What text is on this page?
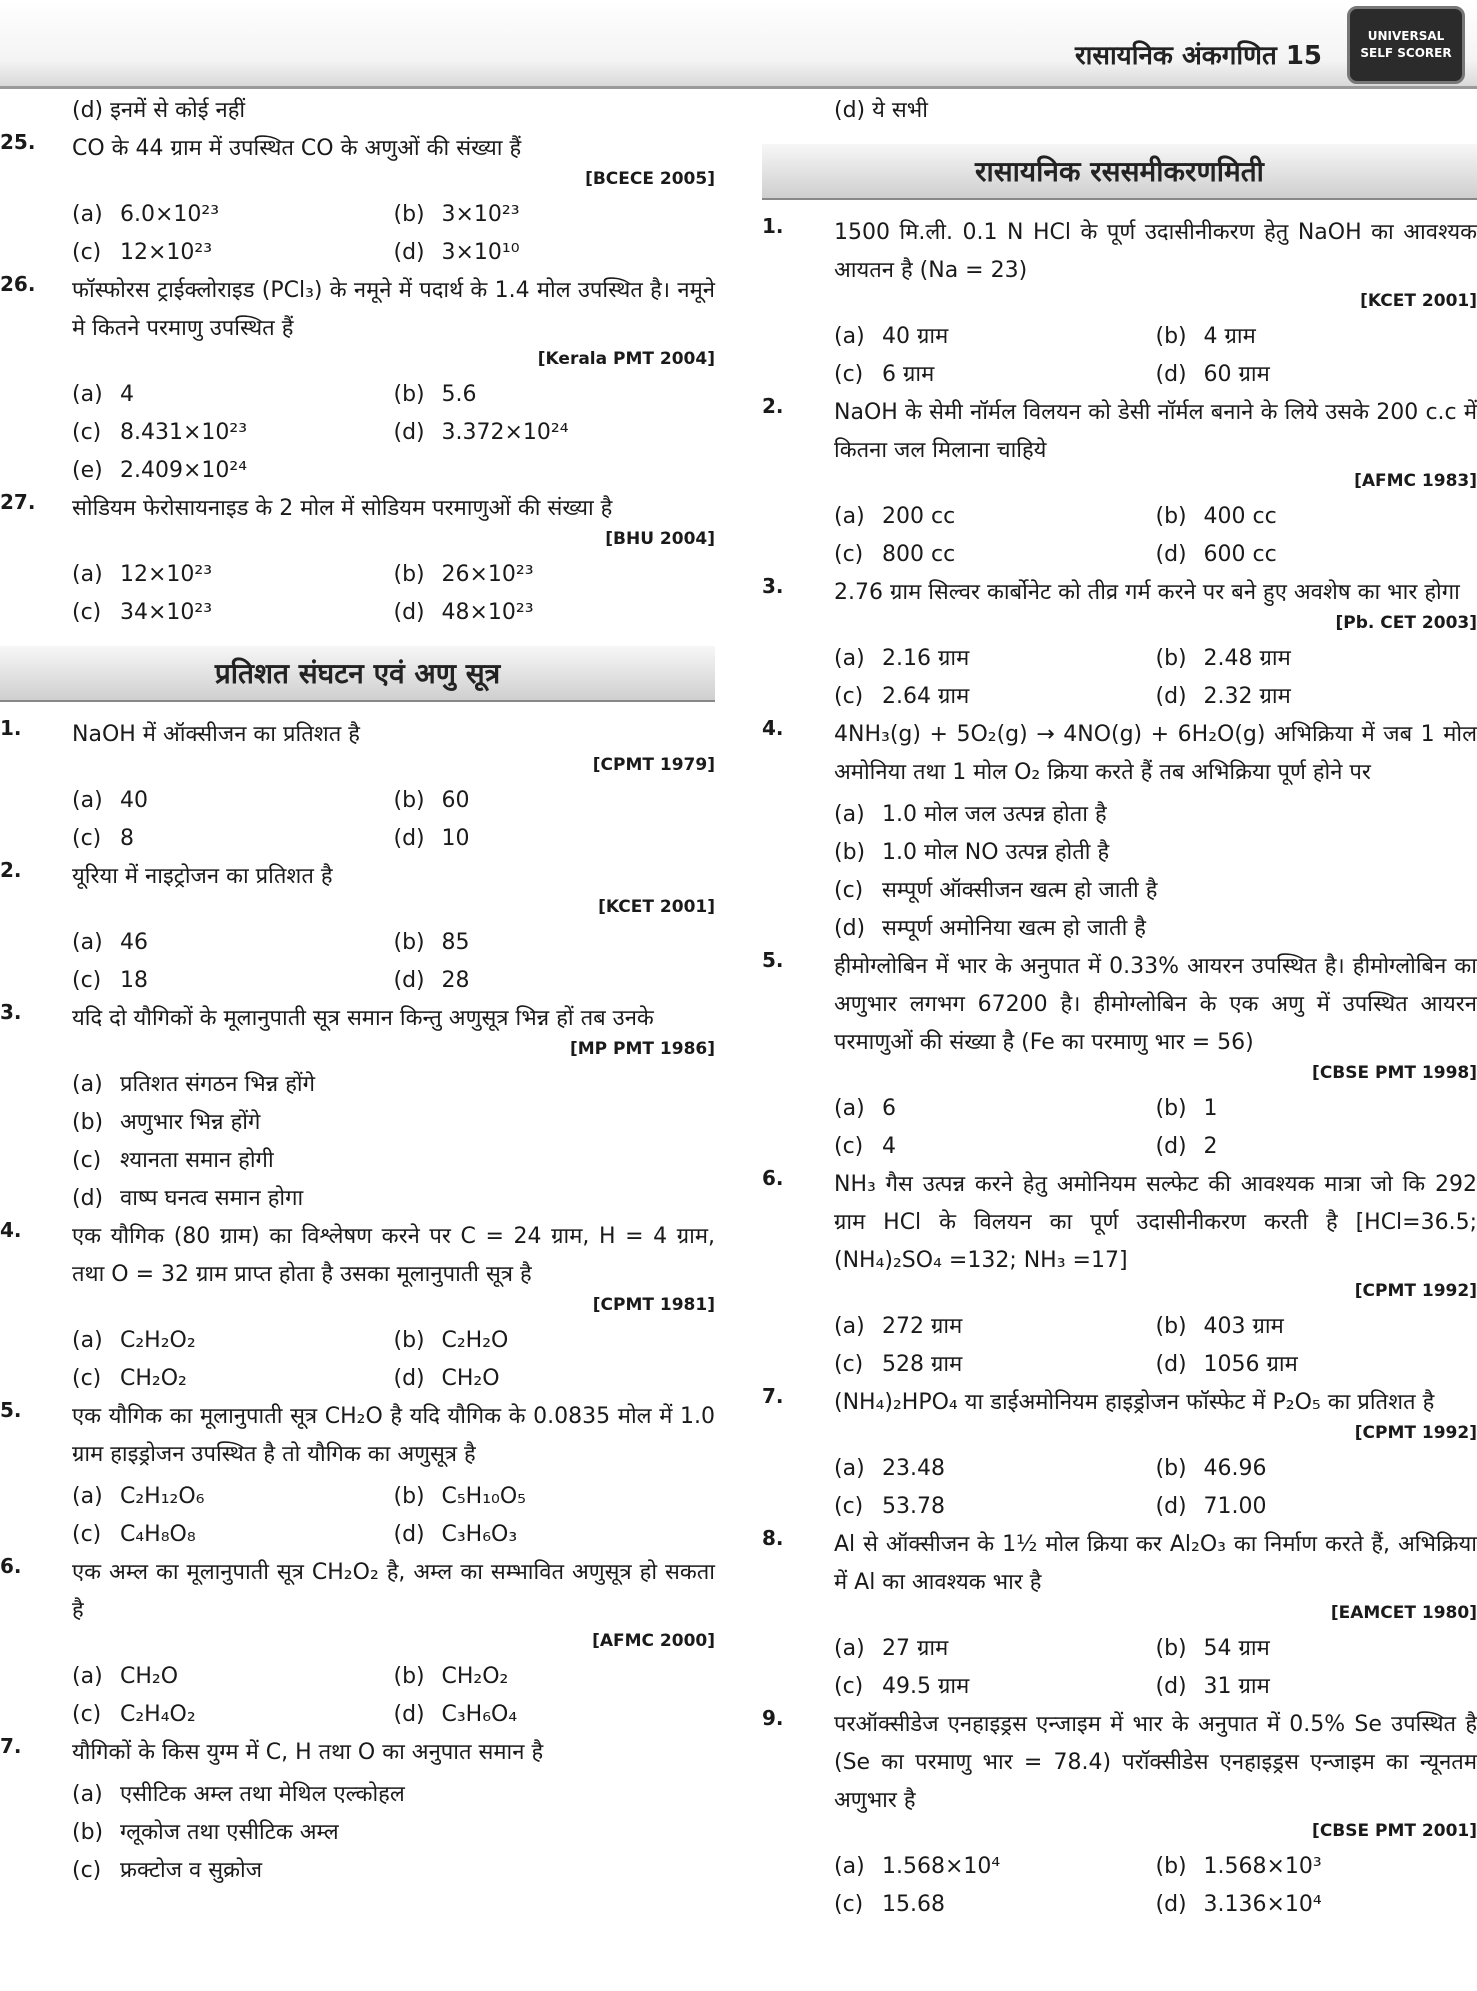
रासायनिक अंकगणित 15
UNIVERSAL
SELF SCORER
(d) इनमें से कोई नहीं
25.	CO के 44 ग्राम में उपस्थित CO के अणुओं की संख्या हैं
[BCECE 2005]
(a) 6.0×10²³	(b) 3×10²³
(c) 12×10²³	(d) 3×10¹⁰
26.	फॉस्फोरस ट्राईक्लोराइड (PCl₃) के नमूने में पदार्थ के 1.4 मोल उपस्थित है। नमूने मे कितने परमाणु उपस्थित हैं
[Kerala PMT 2004]
(a) 4	(b) 5.6
(c) 8.431×10²³	(d) 3.372×10²⁴
(e) 2.409×10²⁴
27.	सोडियम फेरोसायनाइड के 2 मोल में सोडियम परमाणुओं की संख्या है
[BHU 2004]
(a) 12×10²³	(b) 26×10²³
(c) 34×10²³	(d) 48×10²³
प्रतिशत संघटन एवं अणु सूत्र
1.	NaOH में ऑक्सीजन का प्रतिशत है
[CPMT 1979]
(a) 40	(b) 60
(c) 8	(d) 10
2.	यूरिया में नाइट्रोजन का प्रतिशत है
[KCET 2001]
(a) 46	(b) 85
(c) 18	(d) 28
3.	यदि दो यौगिकों के मूलानुपाती सूत्र समान किन्तु अणुसूत्र भिन्न हों तब उनके
[MP PMT 1986]
(a) प्रतिशत संगठन भिन्न होंगे
(b) अणुभार भिन्न होंगे
(c) श्यानता समान होगी
(d) वाष्प घनत्व समान होगा
4.	एक यौगिक (80 ग्राम) का विश्लेषण करने पर C = 24 ग्राम, H = 4 ग्राम, तथा O = 32 ग्राम प्राप्त होता है उसका मूलानुपाती सूत्र है
[CPMT 1981]
(a) C₂H₂O₂	(b) C₂H₂O
(c) CH₂O₂	(d) CH₂O
5.	एक यौगिक का मूलानुपाती सूत्र CH₂O है यदि यौगिक के 0.0835 मोल में 1.0 ग्राम हाइड्रोजन उपस्थित है तो यौगिक का अणुसूत्र है
(a) C₂H₁₂O₆	(b) C₅H₁₀O₅
(c) C₄H₈O₈	(d) C₃H₆O₃
6.	एक अम्ल का मूलानुपाती सूत्र CH₂O₂ है, अम्ल का सम्भावित अणुसूत्र हो सकता है
[AFMC 2000]
(a) CH₂O	(b) CH₂O₂
(c) C₂H₄O₂	(d) C₃H₆O₄
7.	यौगिकों के किस युग्म में C, H तथा O का अनुपात समान है
(a) एसीटिक अम्ल तथा मेथिल एल्कोहल
(b) ग्लूकोज तथा एसीटिक अम्ल
(c) फ्रक्टोज व सुक्रोज
(d) ये सभी
रासायनिक रससमीकरणमिती
1.	1500 मि.ली. 0.1 N HCl के पूर्ण उदासीनीकरण हेतु NaOH का आवश्यक आयतन है (Na = 23)
[KCET 2001]
(a) 40 ग्राम	(b) 4 ग्राम
(c) 6 ग्राम	(d) 60 ग्राम
2.	NaOH के सेमी नॉर्मल विलयन को डेसी नॉर्मल बनाने के लिये उसके 200 c.c में कितना जल मिलाना चाहिये
[AFMC 1983]
(a) 200 cc	(b) 400 cc
(c) 800 cc	(d) 600 cc
3.	2.76 ग्राम सिल्वर कार्बोनेट को तीव्र गर्म करने पर बने हुए अवशेष का भार होगा
[Pb. CET 2003]
(a) 2.16 ग्राम	(b) 2.48 ग्राम
(c) 2.64 ग्राम	(d) 2.32 ग्राम
4.	4NH₃(g) + 5O₂(g) → 4NO(g) + 6H₂O(g) अभिक्रिया में जब 1 मोल अमोनिया तथा 1 मोल O₂ क्रिया करते हैं तब अभिक्रिया पूर्ण होने पर
(a) 1.0 मोल जल उत्पन्न होता है
(b) 1.0 मोल NO उत्पन्न होती है
(c) सम्पूर्ण ऑक्सीजन खत्म हो जाती है
(d) सम्पूर्ण अमोनिया खत्म हो जाती है
5.	हीमोग्लोबिन में भार के अनुपात में 0.33% आयरन उपस्थित है। हीमोग्लोबिन का अणुभार लगभग 67200 है। हीमोग्लोबिन के एक अणु में उपस्थित आयरन परमाणुओं की संख्या है (Fe का परमाणु भार = 56)
[CBSE PMT 1998]
(a) 6	(b) 1
(c) 4	(d) 2
6.	NH₃ गैस उत्पन्न करने हेतु अमोनियम सल्फेट की आवश्यक मात्रा जो कि 292 ग्राम HCl के विलयन का पूर्ण उदासीनीकरण करती है [HCl=36.5; (NH₄)₂SO₄ =132; NH₃ =17]
[CPMT 1992]
(a) 272 ग्राम	(b) 403 ग्राम
(c) 528 ग्राम	(d) 1056 ग्राम
7.	(NH₄)₂HPO₄ या डाईअमोनियम हाइड्रोजन फॉस्फेट में P₂O₅ का प्रतिशत है
[CPMT 1992]
(a) 23.48	(b) 46.96
(c) 53.78	(d) 71.00
8.	Al से ऑक्सीजन के 1½ मोल क्रिया कर Al₂O₃ का निर्माण करते हैं, अभिक्रिया में Al का आवश्यक भार है
[EAMCET 1980]
(a) 27 ग्राम	(b) 54 ग्राम
(c) 49.5 ग्राम	(d) 31 ग्राम
9.	परऑक्सीडेज एनहाइड्रस एन्जाइम में भार के अनुपात में 0.5% Se उपस्थित है (Se का परमाणु भार = 78.4) परॉक्सीडेस एनहाइड्रस एन्जाइम का न्यूनतम अणुभार है
[CBSE PMT 2001]
(a) 1.568×10⁴	(b) 1.568×10³
(c) 15.68	(d) 3.136×10⁴
